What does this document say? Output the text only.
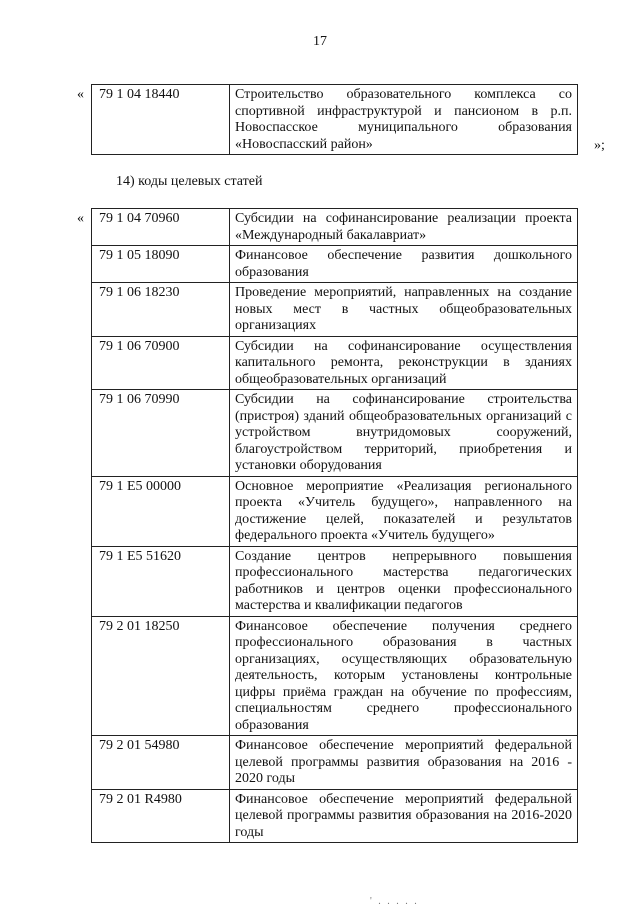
17
« 79 1 04 18440	Строительство образовательного комплекса со спортивной инфраструктурой и пансионом в р.п. Новоспасское муниципального образования «Новоспасский район»	»;
14) коды целевых статей
« 79 1 04 70960	Субсидии на софинансирование реализации проекта «Международный бакалавриат»
79 1 05 18090	Финансовое обеспечение развития дошкольного образования
79 1 06 18230	Проведение мероприятий, направленных на создание новых мест в частных общеобразовательных организациях
79 1 06 70900	Субсидии на софинансирование осуществления капитального ремонта, реконструкции в зданиях общеобразовательных организаций
79 1 06 70990	Субсидии на софинансирование строительства (пристроя) зданий общеобразовательных организаций с устройством внутридомовых сооружений, благоустройством территорий, приобретения и установки оборудования
79 1 E5 00000	Основное мероприятие «Реализация регионального проекта «Учитель будущего», направленного на достижение целей, показателей и результатов федерального проекта «Учитель будущего»
79 1 E5 51620	Создание центров непрерывного повышения профессионального мастерства педагогических работников и центров оценки профессионального мастерства и квалификации педагогов
79 2 01 18250	Финансовое обеспечение получения среднего профессионального образования в частных организациях, осуществляющих образовательную деятельность, которым установлены контрольные цифры приёма граждан на обучение по профессиям, специальностям среднего профессионального образования
79 2 01 54980	Финансовое обеспечение мероприятий федеральной целевой программы развития образования на 2016 - 2020 годы
79 2 01 R4980	Финансовое обеспечение мероприятий федеральной целевой программы развития образования на 2016-2020 годы
' . . . . .
